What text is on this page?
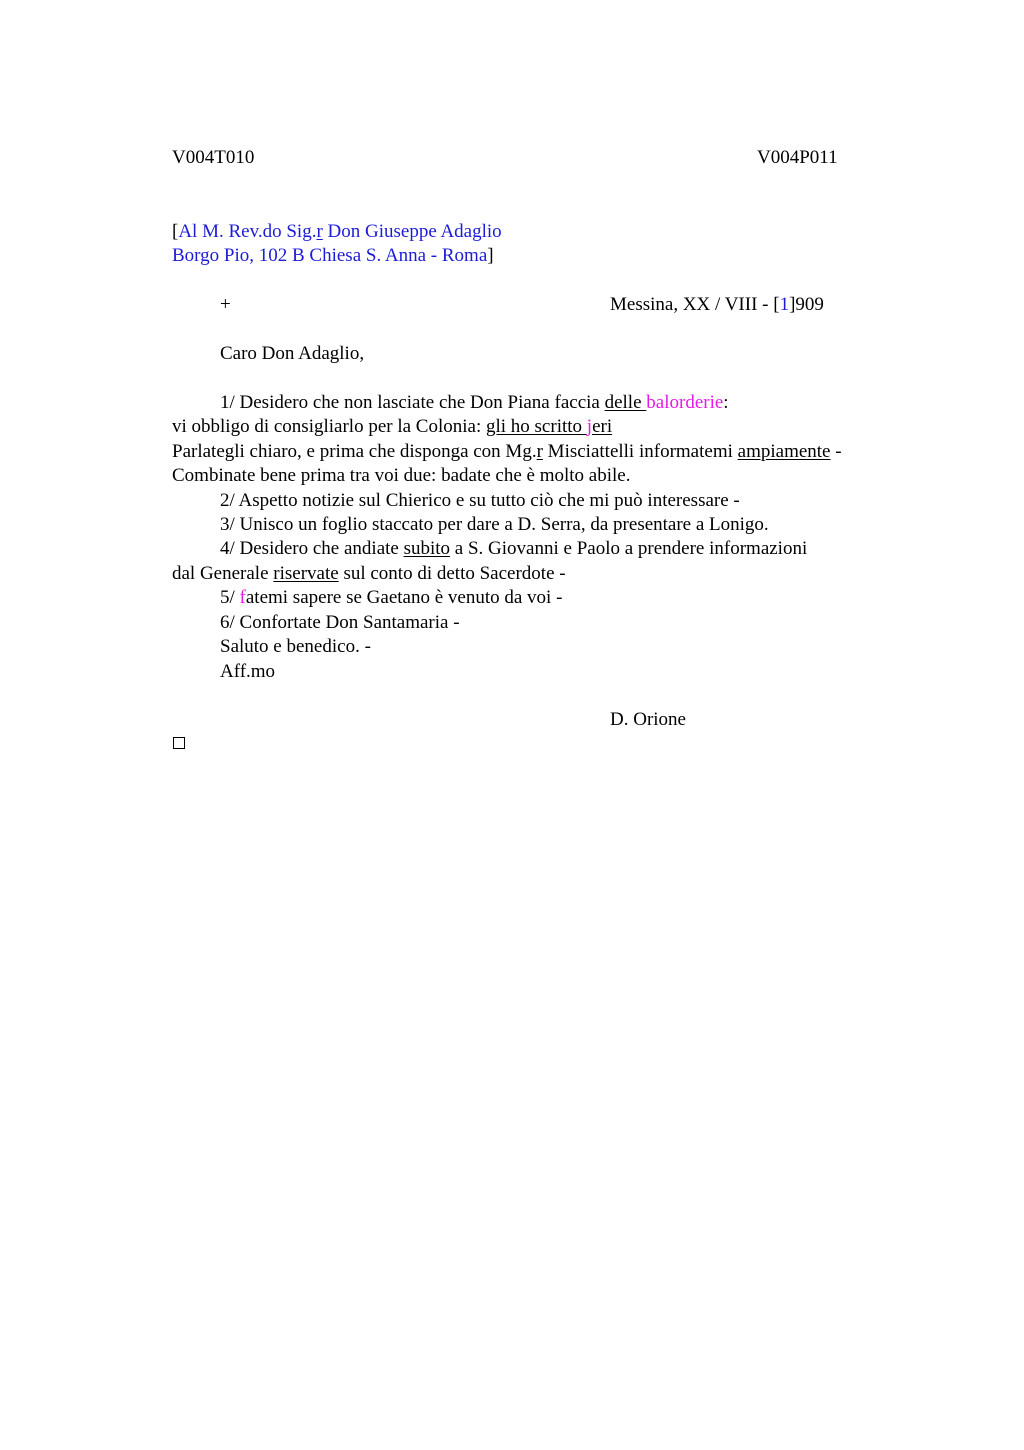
V004T010	V004P011
[Al M. Rev.do Sig.r Don Giuseppe Adaglio
Borgo Pio, 102 B Chiesa S. Anna - Roma]
+	Messina, XX / VIII - [1]909
Caro Don Adaglio,
1/ Desidero che non lasciate che Don Piana faccia delle balorderie:
vi obbligo di consigliarlo per la Colonia: gli ho scritto jeri
Parlategli chiaro, e prima che disponga con Mg.r Misciattelli informatemi ampiamente -
Combinate bene prima tra voi due: badate che è molto abile.
2/ Aspetto notizie sul Chierico e su tutto ciò che mi può interessare -
3/ Unisco un foglio staccato per dare a D. Serra, da presentare a Lonigo.
4/ Desidero che andiate subito a S. Giovanni e Paolo a prendere informazioni
dal Generale riservate sul conto di detto Sacerdote -
5/ fatemi sapere se Gaetano è venuto da voi -
6/ Confortate Don Santamaria -
Saluto e benedico. -
Aff.mo
D. Orione
